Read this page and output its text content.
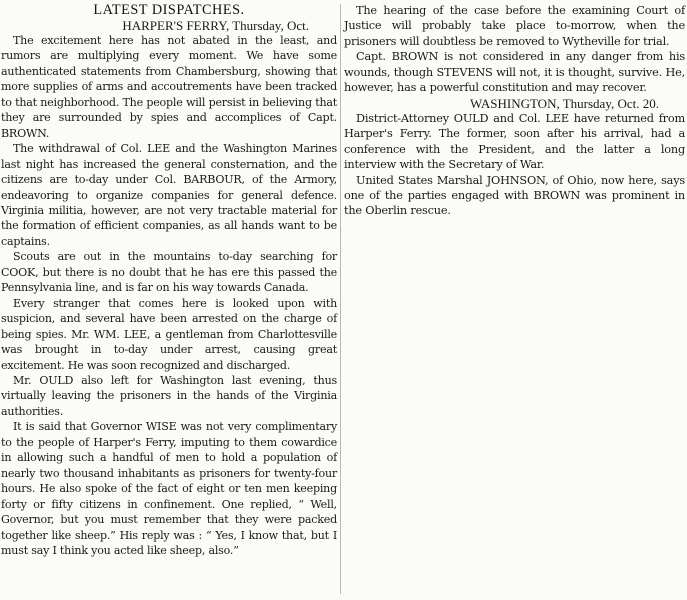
LATEST DISPATCHES.
HARPER'S FERRY, Thursday, Oct.

The excitement here has not abated in the least, and rumors are multiplying every moment. We have some authenticated statements from Chambersburg, showing that more supplies of arms and accoutrements have been tracked to that neighborhood. The people will persist in believing that they are surrounded by spies and accomplices of Capt. BROWN.

The withdrawal of Col. LEE and the Washington Marines last night has increased the general consternation, and the citizens are to-day under Col. BARBOUR, of the Armory, endeavoring to organize companies for general defence. Virginia militia, however, are not very tractable material for the formation of efficient companies, as all hands want to be captains.

Scouts are out in the mountains to-day searching for COOK, but there is no doubt that he has ere this passed the Pennsylvania line, and is far on his way towards Canada.

Every stranger that comes here is looked upon with suspicion, and several have been arrested on the charge of being spies. Mr. WM. LEE, a gentleman from Charlottesville was brought in to-day under arrest, causing great excitement. He was soon recognized and discharged.

Mr. OULD also left for Washington last evening, thus virtually leaving the prisoners in the hands of the Virginia authorities.

It is said that Governor WISE was not very complimentary to the people of Harper's Ferry, imputing to them cowardice in allowing such a handful of men to hold a population of nearly two thousand inhabitants as prisoners for twenty-four hours. He also spoke of the fact of eight or ten men keeping forty or fifty citizens in confinement. One replied, “ Well, Governor, but you must remember that they were packed together like sheep.” His reply was : “ Yes, I know that, but I must say I think you acted like sheep, also.”

The hearing of the case before the examining Court of Justice will probably take place to-morrow, when the prisoners will doubtless be removed to Wytheville for trial.

Capt. BROWN is not considered in any danger from his wounds, though STEVENS will not, it is thought, survive. He, however, has a powerful constitution and may recover.

WASHINGTON, Thursday, Oct. 20.

District-Attorney OULD and Col. LEE have returned from Harper's Ferry. The former, soon after his arrival, had a conference with the President, and the latter a long interview with the Secretary of War.

United States Marshal JOHNSON, of Ohio, now here, says one of the parties engaged with BROWN was prominent in the Oberlin rescue.
